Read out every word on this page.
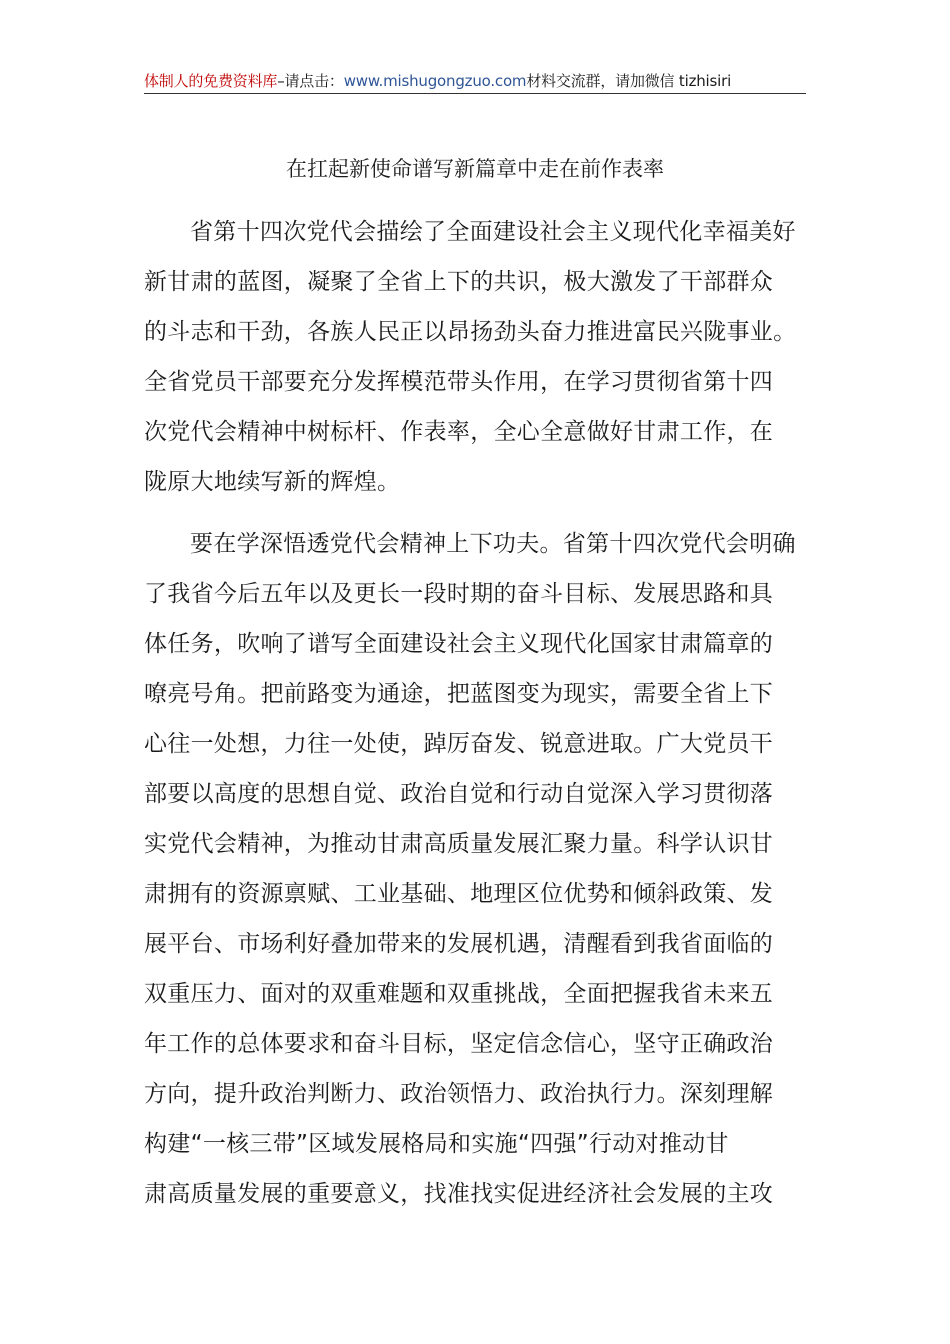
体制人的免费资料库–请点击：www.mishugongzuo.com材料交流群，请加微信 tizhisiri
在扛起新使命谱写新篇章中走在前作表率
省第十四次党代会描绘了全面建设社会主义现代化幸福美好
新甘肃的蓝图，凝聚了全省上下的共识，极大激发了干部群众
的斗志和干劲，各族人民正以昂扬劲头奋力推进富民兴陇事业。
全省党员干部要充分发挥模范带头作用，在学习贯彻省第十四
次党代会精神中树标杆、作表率，全心全意做好甘肃工作，在
陇原大地续写新的辉煌。
要在学深悟透党代会精神上下功夫。省第十四次党代会明确
了我省今后五年以及更长一段时期的奋斗目标、发展思路和具
体任务，吹响了谱写全面建设社会主义现代化国家甘肃篇章的
嘹亮号角。把前路变为通途，把蓝图变为现实，需要全省上下
心往一处想，力往一处使，踔厉奋发、锐意进取。广大党员干
部要以高度的思想自觉、政治自觉和行动自觉深入学习贯彻落
实党代会精神，为推动甘肃高质量发展汇聚力量。科学认识甘
肃拥有的资源禀赋、工业基础、地理区位优势和倾斜政策、发
展平台、市场利好叠加带来的发展机遇，清醒看到我省面临的
双重压力、面对的双重难题和双重挑战，全面把握我省未来五
年工作的总体要求和奋斗目标，坚定信念信心，坚守正确政治
方向，提升政治判断力、政治领悟力、政治执行力。深刻理解
构建“一核三带”区域发展格局和实施“四强”行动对推动甘
肃高质量发展的重要意义，找准找实促进经济社会发展的主攻
